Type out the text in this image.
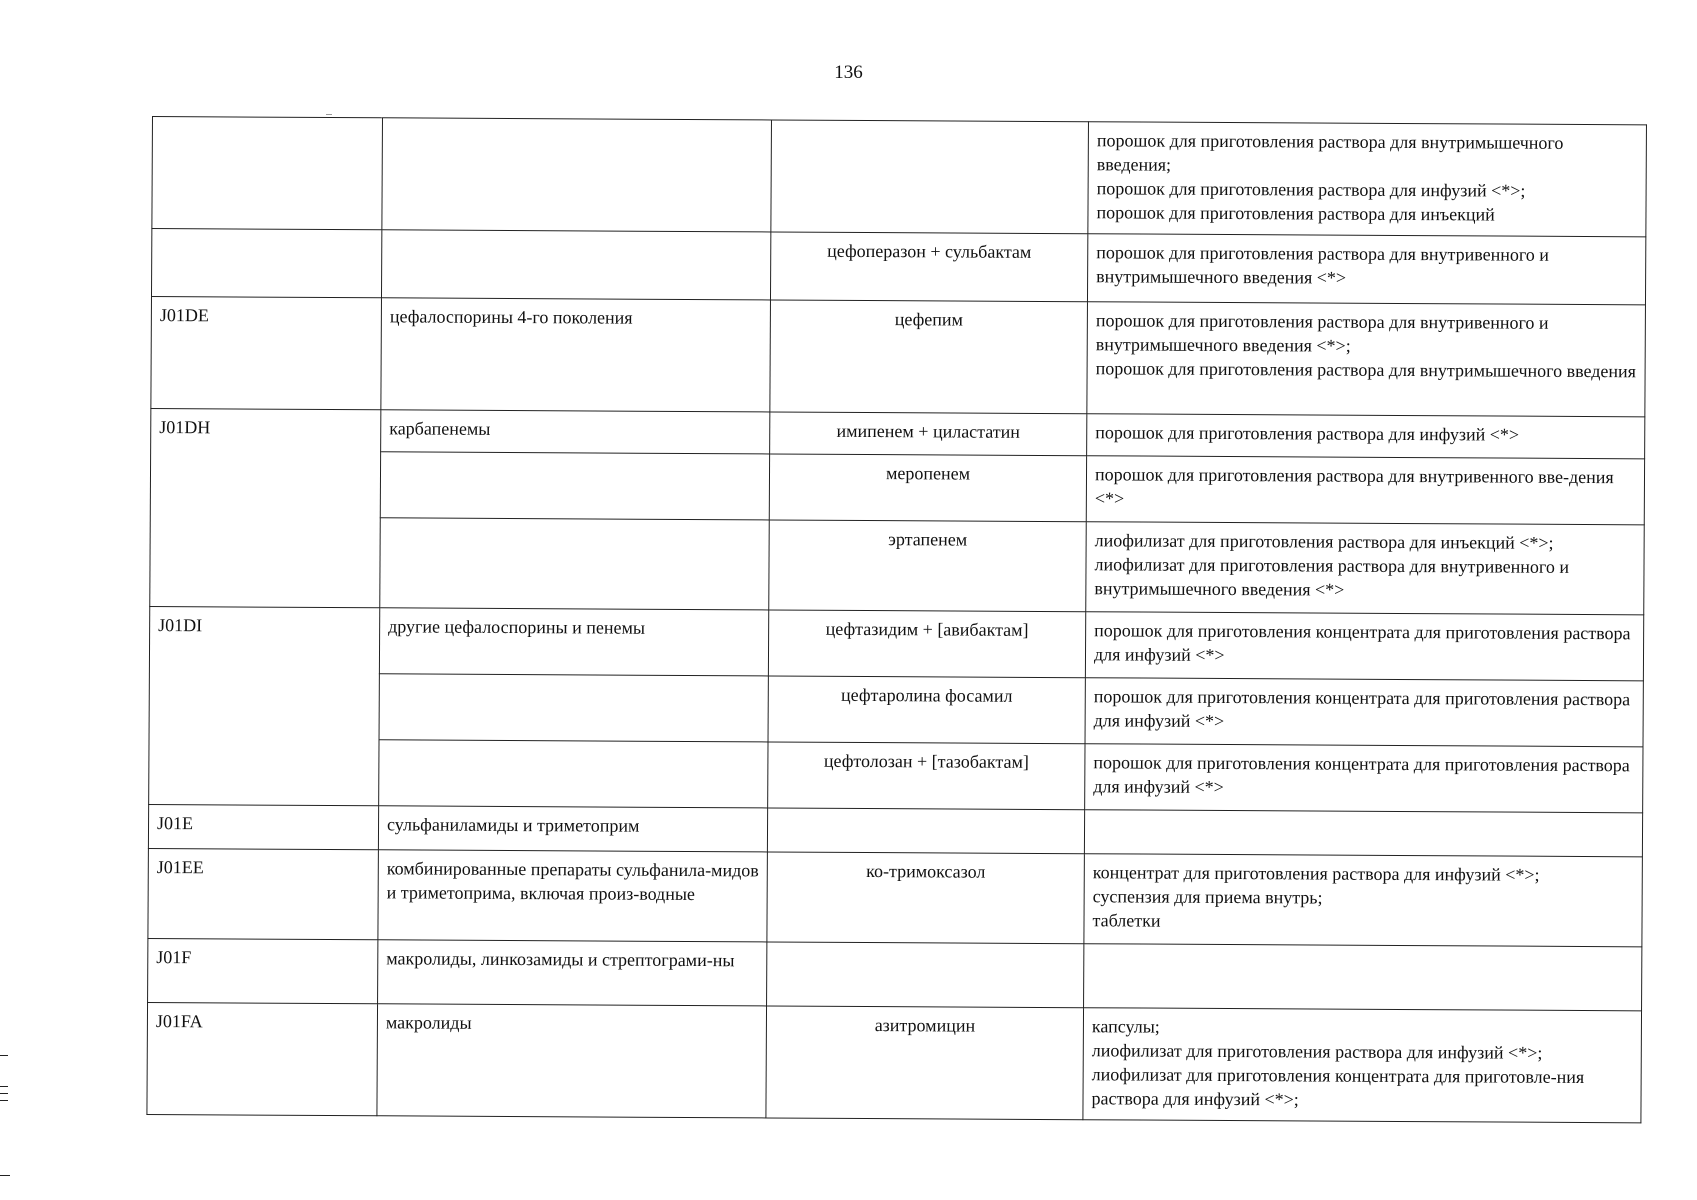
136

			порошок для приготовления раствора для внутримышечного введения;
порошок для приготовления раствора для инфузий <*>;
порошок для приготовления раствора для инъекций

		цефоперазон + сульбактам	порошок для приготовления раствора для внутривенного и внутримышечного введения <*>

J01DE	цефалоспорины 4-го поколения	цефепим	порошок для приготовления раствора для внутривенного и внутримышечного введения <*>;
порошок для приготовления раствора для внутримышечного введения

J01DH	карбапенемы	имипенем + циластатин	порошок для приготовления раствора для инфузий <*>

		меропенем	порошок для приготовления раствора для внутривенного вве-дения <*>

		эртапенем	лиофилизат для приготовления раствора для инъекций <*>;
лиофилизат для приготовления раствора для внутривенного и внутримышечного введения <*>

J01DI	другие цефалоспорины и пенемы	цефтазидим + [авибактам]	порошок для приготовления концентрата для приготовления раствора для инфузий <*>

		цефтаролина фосамил	порошок для приготовления концентрата для приготовления раствора для инфузий <*>

		цефтолозан + [тазобактам]	порошок для приготовления концентрата для приготовления раствора для инфузий <*>

J01E	сульфаниламиды и триметоприм		
J01EE	комбинированные препараты сульфанила-мидов и триметоприма, включая произ-водные	ко-тримоксазол	концентрат для приготовления раствора для инфузий <*>;
суспензия для приема внутрь;
таблетки

J01F	макролиды, линкозамиды и стрептограми-ны		
J01FA	макролиды	азитромицин	капсулы;
лиофилизат для приготовления раствора для инфузий <*>;
лиофилизат для приготовления концентрата для приготовле-ния раствора для инфузий <*>;
